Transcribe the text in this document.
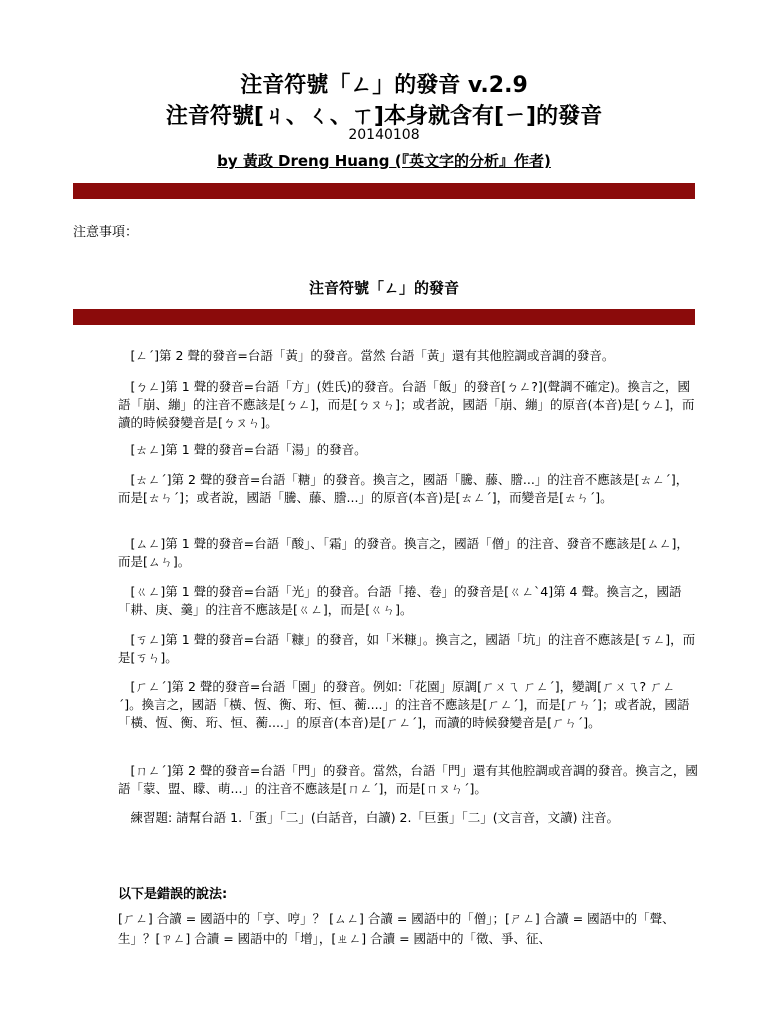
注音符號「ㄥ」的發音 v.2.9
注音符號[ㄐ、ㄑ、ㄒ]本身就含有[ㄧ]的發音
20140108
by 黃政 Dreng Huang (『英文字的分析』作者)
注意事項：
注音符號「ㄥ」的發音
　[ㄥˊ]第 2 聲的發音=台語「黃」的發音。當然 台語「黃」還有其他腔調或音調的發音。
　[ㄅㄥ]第 1 聲的發音=台語「方」(姓氏)的發音。台語「飯」的發音[ㄅㄥ?](聲調不確定)。換言之，國語「崩、繃」的注音不應該是[ㄅㄥ]，而是[ㄅㄡㄣ]；或者說，國語「崩、繃」的原音(本音)是[ㄅㄥ]，而讀的時候發變音是[ㄅㄡㄣ]。
　[ㄊㄥ]第 1 聲的發音=台語「湯」的發音。
　[ㄊㄥˊ]第 2 聲的發音=台語「糖」的發音。換言之，國語「騰、藤、謄...」的注音不應該是[ㄊㄥˊ]，而是[ㄊㄣˊ]；或者說，國語「騰、藤、謄...」的原音(本音)是[ㄊㄥˊ]，而變音是[ㄊㄣˊ]。
　[ㄙㄥ]第 1 聲的發音=台語「酸」、「霜」的發音。換言之，國語「僧」的注音、發音不應該是[ㄙㄥ]，而是[ㄙㄣ]。
　[ㄍㄥ]第 1 聲的發音=台語「光」的發音。台語「捲、卷」的發音是[ㄍㄥˋ4]第 4 聲。換言之，國語「耕、庚、羹」的注音不應該是[ㄍㄥ]，而是[ㄍㄣ]。
　[ㄎㄥ]第 1 聲的發音=台語「糠」的發音，如「米糠」。換言之，國語「坑」的注音不應該是[ㄎㄥ]，而是[ㄎㄣ]。
　[ㄏㄥˊ]第 2 聲的發音=台語「園」的發音。例如:「花園」原調[ㄏㄨㄟ ㄏㄥˊ]，變調[ㄏㄨㄟ? ㄏㄥˊ]。換言之，國語「橫、恆、衡、珩、恒、蘅....」的注音不應該是[ㄏㄥˊ]，而是[ㄏㄣˊ]；或者說，國語「橫、恆、衡、珩、恒、蘅....」的原音(本音)是[ㄏㄥˊ]，而讀的時候發變音是[ㄏㄣˊ]。
　[ㄇㄥˊ]第 2 聲的發音=台語「門」的發音。當然，台語「門」還有其他腔調或音調的發音。換言之，國語「蒙、盟、矇、萌...」的注音不應該是[ㄇㄥˊ]，而是[ㄇㄡㄣˊ]。
　練習題: 請幫台語 1.「蛋」「二」(白話音，白讀) 2.「巨蛋」「二」(文言音，文讀) 注音。
以下是錯誤的說法:
[ㄏㄥ] 合讀 = 國語中的「亨、哼」？ [ㄙㄥ] 合讀 = 國語中的「僧」；[ㄕㄥ] 合讀 = 國語中的「聲、生」？[ㄗㄥ] 合讀 = 國語中的「增」，[ㄓㄥ] 合讀 = 國語中的「徵、爭、征、
